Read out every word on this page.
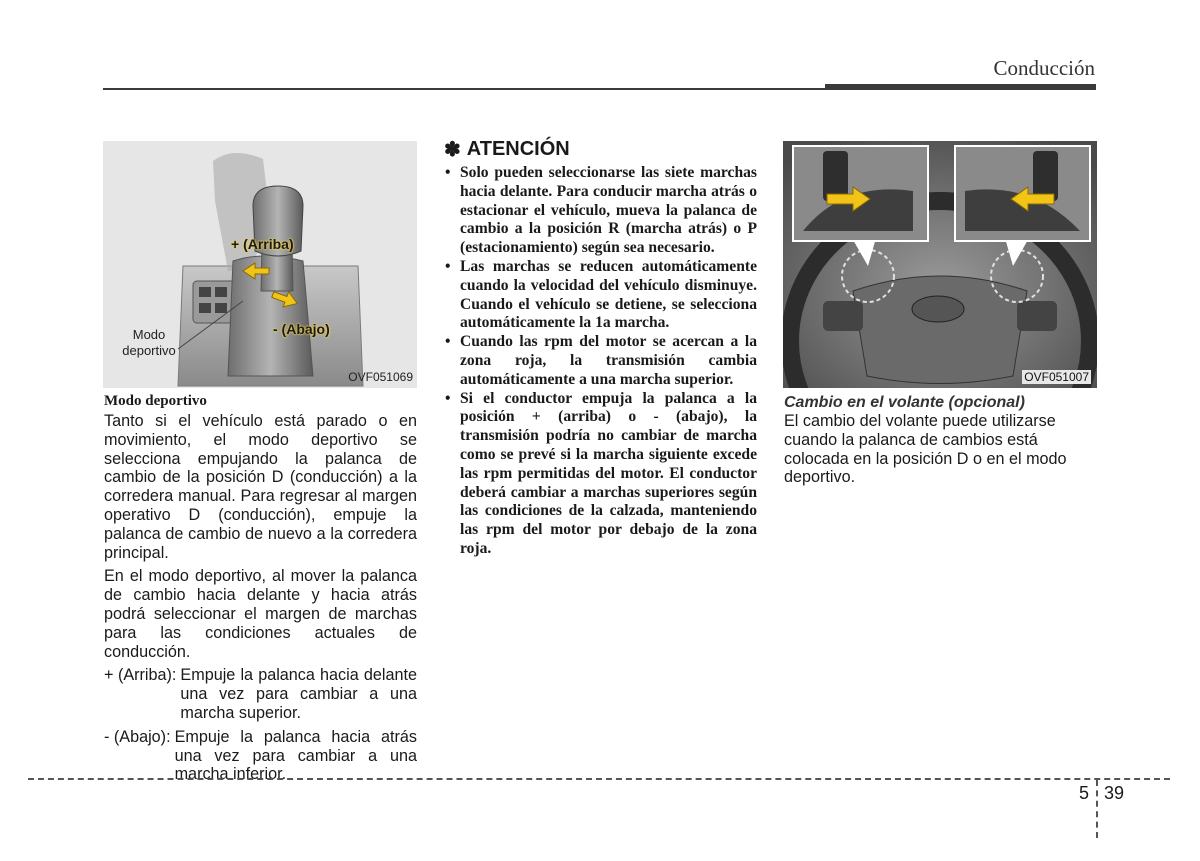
Conducción
+ (Arriba)
- (Abajo)
Modo
deportivo
OVF051069

Modo deportivo

Tanto si el vehículo está parado o en movimiento, el modo deportivo se selecciona empujando la palanca de cambio de la posición D (conducción) a la corredera manual. Para regresar al margen operativo D (conducción), empuje la palanca de cambio de nuevo a la corredera principal.

En el modo deportivo, al mover la palanca de cambio hacia delante y hacia atrás podrá seleccionar el margen de marchas para las condiciones actuales de conducción.

+ (Arriba): Empuje la palanca hacia delante una vez para cambiar a una marcha superior.
- (Abajo): Empuje la palanca hacia atrás una vez para cambiar a una marcha inferior.
✽ ATENCIÓN
• Solo pueden seleccionarse las siete marchas hacia delante. Para conducir marcha atrás o estacionar el vehículo, mueva la palanca de cambio a la posición R (marcha atrás) o P (estacionamiento) según sea necesario.
• Las marchas se reducen automáticamente cuando la velocidad del vehículo disminuye. Cuando el vehículo se detiene, se selecciona automáticamente la 1a marcha.
• Cuando las rpm del motor se acercan a la zona roja, la transmisión cambia automáticamente a una marcha superior.
• Si el conductor empuja la palanca a la posición + (arriba) o - (abajo), la transmisión podría no cambiar de marcha como se prevé si la marcha siguiente excede las rpm permitidas del motor. El conductor deberá cambiar a marchas superiores según las condiciones de la calzada, manteniendo las rpm del motor por debajo de la zona roja.
OVF051007

Cambio en el volante (opcional)

El cambio del volante puede utilizarse cuando la palanca de cambios está colocada en la posición D o en el modo deportivo.

5 39
